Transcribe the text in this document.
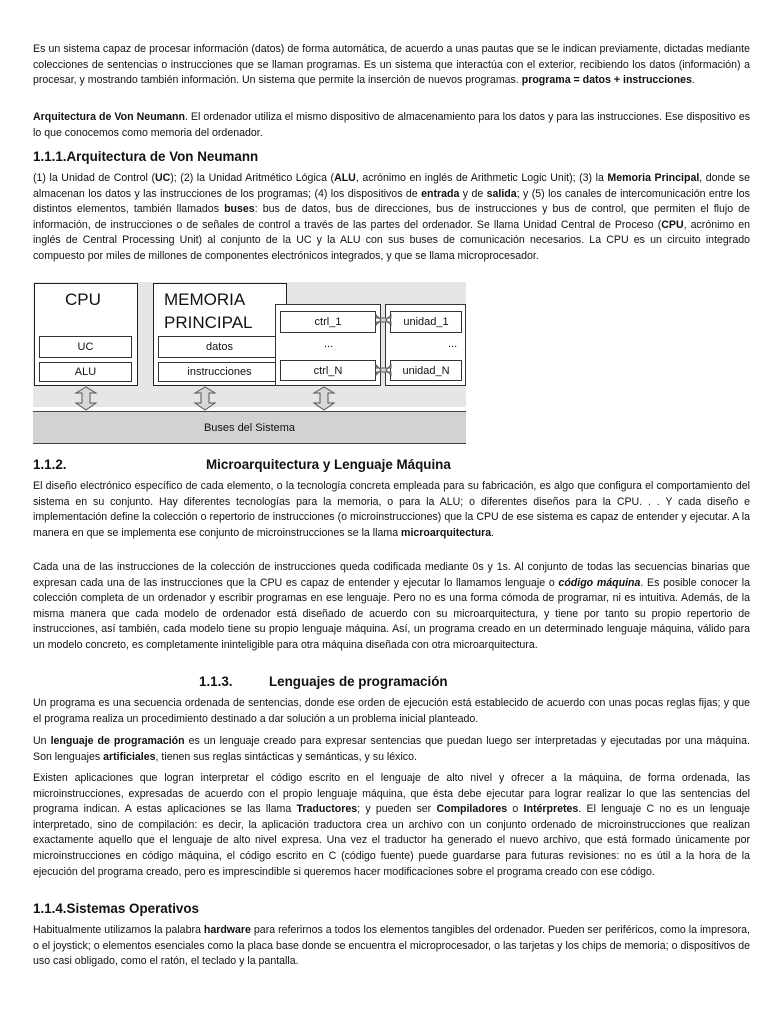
Es un sistema capaz de procesar información (datos) de forma automática, de acuerdo a unas pautas que se le indican previamente, dictadas mediante colecciones de sentencias o instrucciones que se llaman programas. Es un sistema que interactúa con el exterior, recibiendo los datos (información) a procesar, y mostrando también información. Un sistema que permite la inserción de nuevos programas. programa = datos + instrucciones.

Arquitectura de Von Neumann. El ordenador utiliza el mismo dispositivo de almacenamiento para los datos y para las instrucciones. Ese dispositivo es lo que conocemos como memoria del ordenador.

1.1.1.Arquitectura de Von Neumann

(1) la Unidad de Control (UC); (2) la Unidad Aritmético Lógica (ALU, acrónimo en inglés de Arithmetic Logic Unit); (3) la Memoria Principal, donde se almacenan los datos y las instrucciones de los programas; (4) los dispositivos de entrada y de salida; y (5) los canales de intercomunicación entre los distintos elementos, también llamados buses: bus de datos, bus de direcciones, bus de instrucciones y bus de control, que permiten el flujo de información, de instrucciones o de señales de control a través de las partes del ordenador. Se llama Unidad Central de Proceso (CPU, acrónimo en inglés de Central Processing Unit) al conjunto de la UC y la ALU con sus buses de comunicación necesarios. La CPU es un circuito integrado compuesto por miles de millones de componentes electrónicos integrados, y que se llama microprocesador.

CPU
UC
ALU
MEMORIA
PRINCIPAL
datos
instrucciones
ctrl_1
...
ctrl_N
unidad_1
...
unidad_N
Buses del Sistema
1.1.2.	Microarquitectura y Lenguaje Máquina

El diseño electrónico específico de cada elemento, o la tecnología concreta empleada para su fabricación, es algo que configura el comportamiento del sistema en su conjunto. Hay diferentes tecnologías para la memoria, o para la ALU; o diferentes diseños para la CPU. . . Y cada diseño e implementación define la colección o repertorio de instrucciones (o microinstrucciones) que la CPU de ese sistema es capaz de entender y ejecutar. A la manera en que se implementa ese conjunto de microinstrucciones se la llama microarquitectura.

Cada una de las instrucciones de la colección de instrucciones queda codificada mediante 0s y 1s. Al conjunto de todas las secuencias binarias que expresan cada una de las instrucciones que la CPU es capaz de entender y ejecutar lo llamamos lenguaje o código máquina. Es posible conocer la colección completa de un ordenador y escribir programas en ese lenguaje. Pero no es una forma cómoda de programar, ni es intuitiva. Además, de la misma manera que cada modelo de ordenador está diseñado de acuerdo con su microarquitectura, y tiene por tanto su propio repertorio de instrucciones, así también, cada modelo tiene su propio lenguaje máquina. Así, un programa creado en un determinado lenguaje máquina, válido para un modelo concreto, es completamente ininteligible para otra máquina diseñada con otra microarquitectura.

1.1.3.	Lenguajes de programación

Un programa es una secuencia ordenada de sentencias, donde ese orden de ejecución está establecido de acuerdo con unas pocas reglas fijas; y que el programa realiza un procedimiento destinado a dar solución a un problema inicial planteado.

Un lenguaje de programación es un lenguaje creado para expresar sentencias que puedan luego ser interpretadas y ejecutadas por una máquina. Son lenguajes artificiales, tienen sus reglas sintácticas y semánticas, y su léxico.

Existen aplicaciones que logran interpretar el código escrito en el lenguaje de alto nivel y ofrecer a la máquina, de forma ordenada, las microinstrucciones, expresadas de acuerdo con el propio lenguaje máquina, que ésta debe ejecutar para lograr realizar lo que las sentencias del programa indican. A estas aplicaciones se las llama Traductores; y pueden ser Compiladores o Intérpretes. El lenguaje C no es un lenguaje interpretado, sino de compilación: es decir, la aplicación traductora crea un archivo con un conjunto ordenado de microinstrucciones que realizan exactamente aquello que el lenguaje de alto nivel expresa. Una vez el traductor ha generado el nuevo archivo, que está formado únicamente por microinstrucciones en código máquina, el código escrito en C (código fuente) puede guardarse para futuras revisiones: no es útil a la hora de la ejecución del programa creado, pero es imprescindible si queremos hacer modificaciones sobre el programa creado con ese código.

1.1.4.Sistemas Operativos

Habitualmente utilizamos la palabra hardware para referirnos a todos los elementos tangibles del ordenador. Pueden ser periféricos, como la impresora, o el joystick; o elementos esenciales como la placa base donde se encuentra el microprocesador, o las tarjetas y los chips de memoria; o dispositivos de uso casi obligado, como el ratón, el teclado y la pantalla.
